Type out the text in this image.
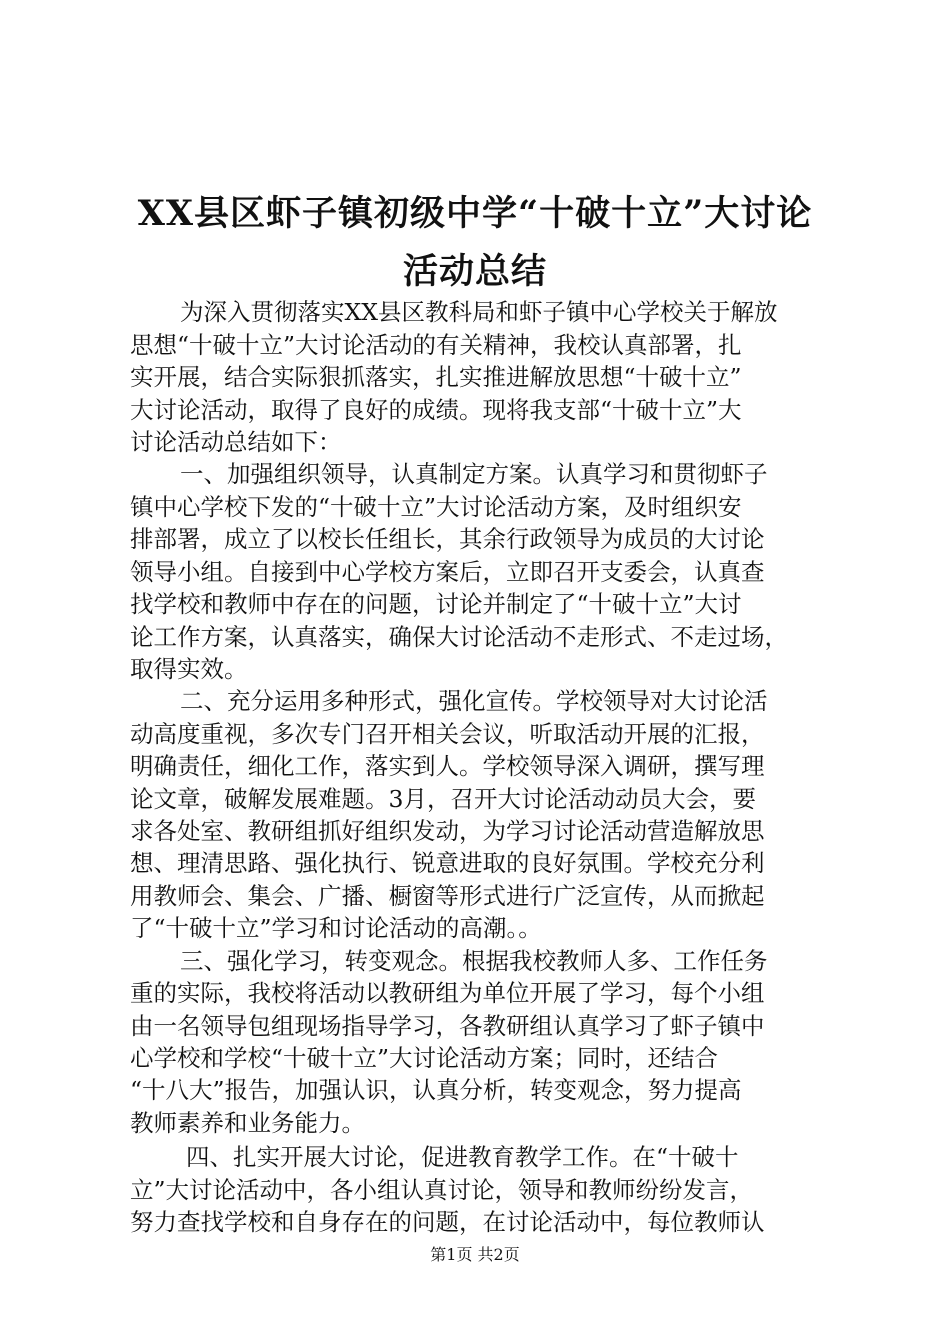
XX县区虾子镇初级中学“十破十立”大讨论
活动总结
为深入贯彻落实XX县区教科局和虾子镇中心学校关于解放
思想“十破十立”大讨论活动的有关精神，我校认真部署，扎
实开展，结合实际狠抓落实，扎实推进解放思想“十破十立”
大讨论活动，取得了良好的成绩。现将我支部“十破十立”大
讨论活动总结如下：
一、加强组织领导，认真制定方案。认真学习和贯彻虾子
镇中心学校下发的“十破十立”大讨论活动方案，及时组织安
排部署，成立了以校长任组长，其余行政领导为成员的大讨论
领导小组。自接到中心学校方案后，立即召开支委会，认真查
找学校和教师中存在的问题，讨论并制定了“十破十立”大讨
论工作方案，认真落实，确保大讨论活动不走形式、不走过场，
取得实效。
二、充分运用多种形式，强化宣传。学校领导对大讨论活
动高度重视，多次专门召开相关会议，听取活动开展的汇报，
明确责任，细化工作，落实到人。学校领导深入调研，撰写理
论文章，破解发展难题。3月，召开大讨论活动动员大会，要
求各处室、教研组抓好组织发动，为学习讨论活动营造解放思
想、理清思路、强化执行、锐意进取的良好氛围。学校充分利
用教师会、集会、广播、橱窗等形式进行广泛宣传，从而掀起
了“十破十立”学习和讨论活动的高潮。。
三、强化学习，转变观念。根据我校教师人多、工作任务
重的实际，我校将活动以教研组为单位开展了学习，每个小组
由一名领导包组现场指导学习，各教研组认真学习了虾子镇中
心学校和学校“十破十立”大讨论活动方案；同时，还结合
“十八大”报告，加强认识，认真分析，转变观念，努力提高
教师素养和业务能力。
四、扎实开展大讨论，促进教育教学工作。在“十破十
立”大讨论活动中，各小组认真讨论，领导和教师纷纷发言，
努力查找学校和自身存在的问题，在讨论活动中，每位教师认
第1页 共2页
